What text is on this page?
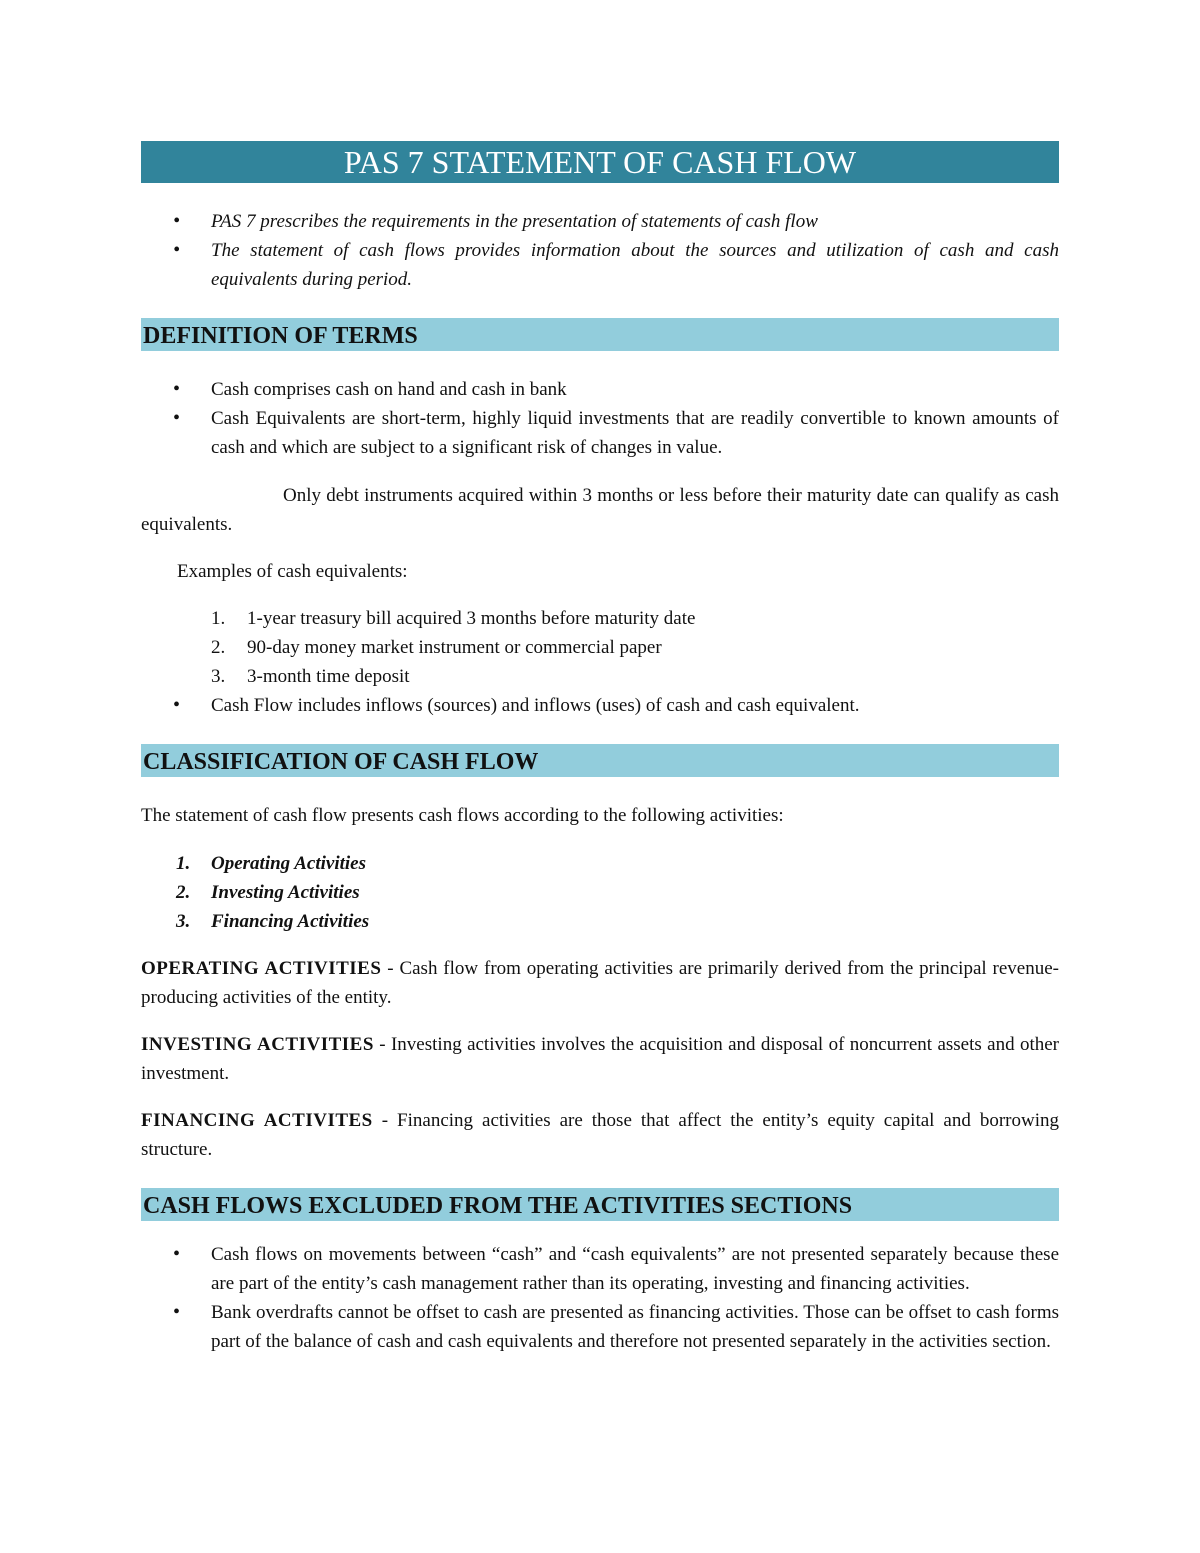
PAS 7 STATEMENT OF CASH FLOW
• PAS 7 prescribes the requirements in the presentation of statements of cash flow
• The statement of cash flows provides information about the sources and utilization of cash and cash equivalents during period.
DEFINITION OF TERMS
• Cash comprises cash on hand and cash in bank
• Cash Equivalents are short-term, highly liquid investments that are readily convertible to known amounts of cash and which are subject to a significant risk of changes in value.

Only debt instruments acquired within 3 months or less before their maturity date can qualify as cash equivalents.

Examples of cash equivalents:

1. 1-year treasury bill acquired 3 months before maturity date
2. 90-day money market instrument or commercial paper
3. 3-month time deposit
• Cash Flow includes inflows (sources) and inflows (uses) of cash and cash equivalent.
CLASSIFICATION OF CASH FLOW

The statement of cash flow presents cash flows according to the following activities:

1. Operating Activities
2. Investing Activities
3. Financing Activities

OPERATING ACTIVITIES - Cash flow from operating activities are primarily derived from the principal revenue-producing activities of the entity.

INVESTING ACTIVITIES - Investing activities involves the acquisition and disposal of noncurrent assets and other investment.

FINANCING ACTIVITES - Financing activities are those that affect the entity’s equity capital and borrowing structure.

CASH FLOWS EXCLUDED FROM THE ACTIVITIES SECTIONS
• Cash flows on movements between “cash” and “cash equivalents” are not presented separately because these are part of the entity’s cash management rather than its operating, investing and financing activities.
• Bank overdrafts cannot be offset to cash are presented as financing activities. Those can be offset to cash forms part of the balance of cash and cash equivalents and therefore not presented separately in the activities section.
